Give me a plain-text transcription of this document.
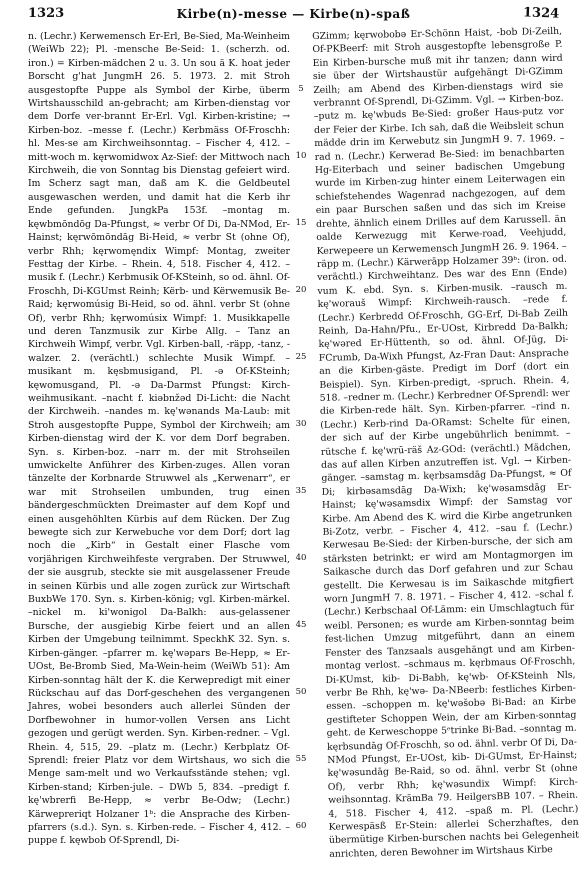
1323	Kirbe(n)-messe — Kirbe(n)-spaß	1324

n. (Lechr.) Kerwemensch Er-Erl, Be-Sied, Ma-Weinheim (WeiWb 22); Pl. -mensche Be-Seid: 1. (scherzh. od. iron.) = Kirben-mädchen 2 u. 3. Un sou ä K. hoat jeder Borscht g'hat JungmH 26. 5. 1973. 2. mit Stroh ausgestopfte Puppe als Symbol der Kirbe, überm Wirtshausschild an-gebracht; am Kirben-dienstag vor dem Dorfe ver-brannt Er-Erl. Vgl. Kirben-kristine; → Kirben-boz. –messe f. (Lechr.) Kerbmäss Of-Froschh: hl. Mes-se am Kirchweihsonntag. – Fischer 4, 412. –mitt-woch m. kęrwomidwox Az-Sief: der Mittwoch nach Kirchweih, die von Sonntag bis Dienstag gefeiert wird. Im Scherz sagt man, daß am K. die Geldbeutel ausgewaschen werden, und damit hat die Kerb ihr Ende gefunden. JungkPa 153f. –montag m. kęwbmōndōg Da-Pfungst, ≈ verbr Of Di, Da-NMod, Er-Hainst; kęrwōmōndāg Bi-Heid, ≈ verbr St (ohne Of), verbr Rhh; kęrwomęndix Wimpf: Montag, zweiter Festtag der Kirbe. – Rhein. 4, 518. Fischer 4, 412. –musik f. (Lechr.) Kerbmusik Of-KSteinh, so od. ähnl. Of-Froschh, Di-KGUmst Reinh; Kërb- und Kërwemusik Be-Raid; kęrwomúsig Bi-Heid, so od. ähnl. verbr St (ohne Of), verbr Rhh; kęrwomúsix Wimpf: 1. Musikkapelle und deren Tanzmusik zur Kirbe Allg. – Tanz an Kirchweih Wimpf, verbr. Vgl. Kirben-ball, -räpp, -tanz, -walzer. 2. (verächtl.) schlechte Musik Wimpf. –musikant m. kęsbmusigand, Pl. -ə Of-KSteinh; kęwomusgand, Pl. -ə Da-Darmst Pfungst: Kirch-weihmusikant. –nacht f. kiəbnžəd Di-Licht: die Nacht der Kirchweih. –nandes m. kę'wənands Ma-Laub: mit Stroh ausgestopfte Puppe, Symbol der Kirchweih; am Kirben-dienstag wird der K. vor dem Dorf begraben. Syn. s. Kirben-boz. –narr m. der mit Strohseilen umwickelte Anführer des Kirben-zuges. Allen voran tänzelte der Korbnarde Struwwel als „Kerwenarr“, er war mit Strohseilen umbunden, trug einen bändergeschmückten Dreimaster auf dem Kopf und einen ausgehöhlten Kürbis auf dem Rücken. Der Zug bewegte sich zur Kerwebuche vor dem Dorf; dort lag noch die „Kirb“ in Gestalt einer Flasche vom vorjährigen Kirchweihfeste vergraben. Der Struwwel, der sie ausgrub, steckte sie mit ausgelassener Freude in seinen Kürbis und alle zogen zurück zur Wirtschaft BuxbWe 170. Syn. s. Kirben-könig; vgl. Kirben-märkel. –nickel m. ki'wonigol Da-Balkh: aus-gelassener Bursche, der ausgiebig Kirbe feiert und an allen Kirben der Umgebung teilnimmt. SpeckhK 32. Syn. s. Kirben-gänger. –pfarrer m. kę'wəpars Be-Hepp, ≈ Er-UOst, Be-Bromb Sied, Ma-Wein-heim (WeiWb 51): Am Kirben-sonntag hält der K. die Kerwepredigt mit einer Rückschau auf das Dorf-geschehen des vergangenen Jahres, wobei besonders auch allerlei Sünden der Dorfbewohner in humor-vollen Versen ans Licht gezogen und gerügt werden. Syn. Kirben-redner. – Vgl. Rhein. 4, 515, 29. –platz m. (Lechr.) Kerbplatz Of-Sprendl: freier Platz vor dem Wirtshaus, wo sich die Menge sam-melt und wo Verkaufsstände stehen; vgl. Kirben-stand; Kirben-jule. – DWb 5, 834. –predigt f. kę'wbrerfi Be-Hepp, ≈ verbr Be-Odw; (Lechr.) Kärwepreriqt Holzaner 1ᵇ: die Ansprache des Kirben-pfarrers (s.d.). Syn. s. Kirben-rede. – Fischer 4, 412. –puppe f. kęwbob Of-Sprendl, Di-

5
10
15
20
25
30
35
40
45
50
55
60

GZimm; kęrwobobə Er-Schönn Haist, -bob Di-Zeilh, Of-PKBeerf: mit Stroh ausgestopfte lebensgroße P. Ein Kirben-bursche muß mit ihr tanzen; dann wird sie über der Wirtshaustür aufgehängt Di-GZimm Zeilh; am Abend des Kirben-dienstags wird sie verbrannt Of-Sprendl, Di-GZimm. Vgl. → Kirben-boz. –putz m. kę'wbuds Be-Sied: großer Haus-putz vor der Feier der Kirbe. Ich sah, daß die Weibsleit schun mädde drin im Kerwebutz sin JungmH 9. 7. 1969. –rad n. (Lechr.) Kerwerad Be-Sied: im benachbarten Hg-Eiterbach und seiner badischen Umgebung wurde im Kirben-zug hinter einem Leiterwagen ein schiefstehendes Wagenrad nachgezogen, auf dem ein paar Burschen saßen und das sich im Kreise drehte, ähnlich einem Drilles auf dem Karussell. än oalde Kerwezugg mit Kerwe-road, Veehjudd, Kerwepeere un Kerwemensch JungmH 26. 9. 1964. –räpp m. (Lechr.) Kärwerāpp Holzamer 39ᵇ: (iron. od. verächtl.) Kirchweihtanz. Des war des Enn (Ende) vum K. ebd. Syn. s. Kirben-musik. –rausch m. kę'worauš Wimpf: Kirchweih-rausch. –rede f. (Lechr.) Kerbredd Of-Froschh, GG-Erf, Di-Bab Zeilh Reinh, Da-Hahn/Pfu., Er-UOst, Kirbredd Da-Balkh; kę'wəred Er-Hüttenth, so od. ähnl. Of-Jüg, Di-FCrumb, Da-Wixh Pfungst, Az-Fran Daut: Ansprache an die Kirben-gäste. Predigt im Dorf (dort ein Beispiel). Syn. Kirben-predigt, -spruch. Rhein. 4, 518. –redner m. (Lechr.) Kerbredner Of-Sprendl: wer die Kirben-rede hält. Syn. Kirben-pfarrer. –rind n. (Lechr.) Kerb-rind Da-ORamst: Schelte für einen, der sich auf der Kirbe ungebührlich benimmt. –rütsche f. kę'wrū-räš Az-GOd: (verächtl.) Mädchen, das auf allen Kirben anzutreffen ist. Vgl. → Kirben-gänger. –samstag m. kęrbsamsdāg Da-Pfungst, ≈ Of Di; kirbəsamsdāg Da-Wixh; kę'wəsamsdāg Er-Hainst; kę'wəsamsdix Wimpf: der Samstag vor Kirbe. Am Abend des K. wird die Kirbe angetrunken Bi-Zotz, verbr. – Fischer 4, 412. –sau f. (Lechr.) Kerwesau Be-Sied: der Kirben-bursche, der sich am stärksten betrinkt; er wird am Montagmorgen im Saikasche durch das Dorf gefahren und zur Schau gestellt. Die Kerwesau is im Saikaschde mitgfiert worn JungmH 7. 8. 1971. – Fischer 4, 412. –schal f. (Lechr.) Kerbschaal Of-Lämm: ein Umschlagtuch für weibl. Personen; es wurde am Kirben-sonntag beim fest-lichen Umzug mitgeführt, dann an einem Fenster des Tanzsaals ausgehängt und am Kirben-montag verlost. –schmaus m. kęrbmaus Of-Froschh, Di-KUmst, kib- Di-Babh, kę'wb- Of-KSteinh Nls, verbr Be Rhh, kę'wə- Da-NBeerb: festliches Kirben-essen. –schoppen m. kę'wəšobə Bi-Bad: an Kirbe gestifteter Schoppen Wein, der am Kirben-sonntag geht. de Kerweschoppe 5ᵉtrinke Bi-Bad. –sonntag m. kęrbsundāg Of-Froschh, so od. ähnl. verbr Of Di, Da-NMod Pfungst, Er-UOst, kib- Di-GUmst, Er-Hainst; kę'wəsundāg Be-Raid, so od. ähnl. verbr St (ohne Of), verbr Rhh; kę'wəsundix Wimpf: Kirch-weihsonntag. KrämBa 79. HeilgersBB 107. – Rhein. 4, 518. Fischer 4, 412. –spaß m. Pl. (Lechr.) Kerwespäsß Er-Stein: allerlei Scherzhaftes, den übermütige Kirben-burschen nachts bei Gelegenheit anrichten, deren Bewohner im Wirtshaus Kirbe
